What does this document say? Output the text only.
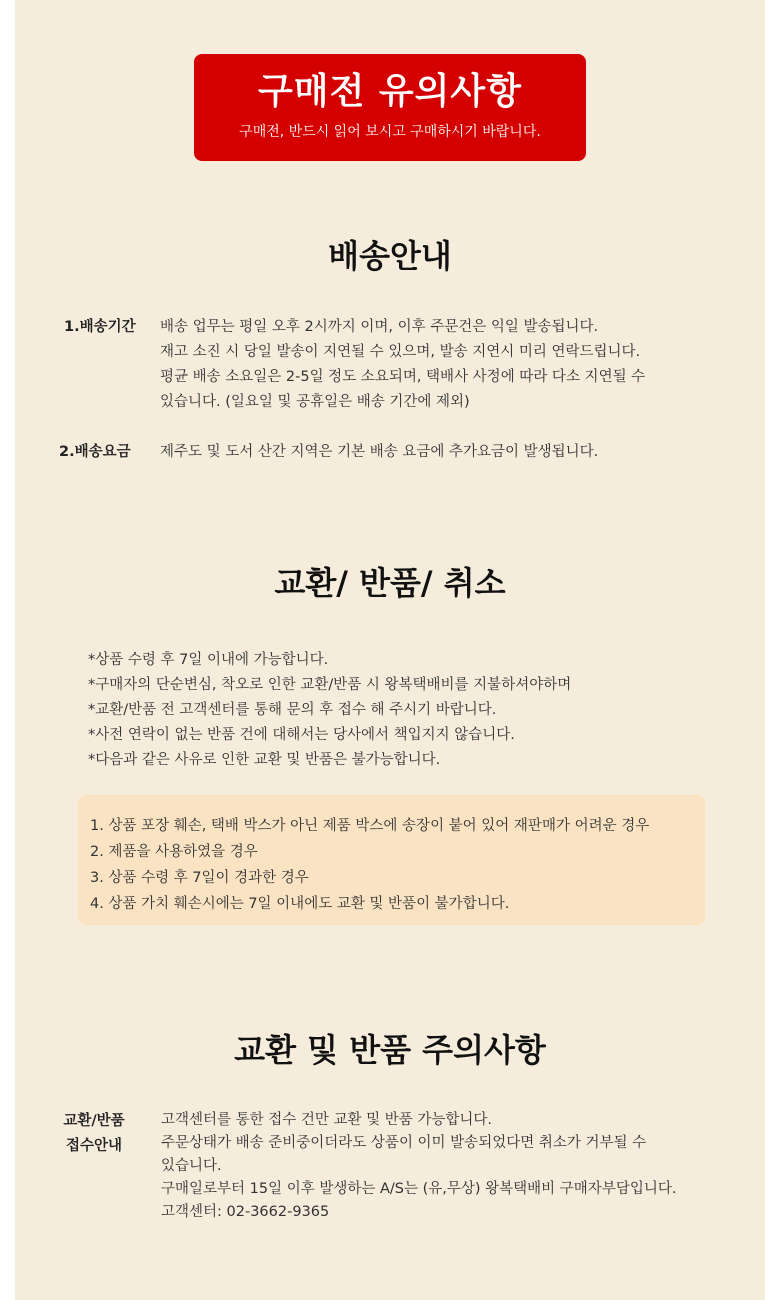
구매전 유의사항
구매전, 반드시 읽어 보시고 구매하시기 바랍니다.
배송안내
1.배송기간 배송 업무는 평일 오후 2시까지 이며, 이후 주문건은 익일 발송됩니다.
재고 소진 시 당일 발송이 지연될 수 있으며, 발송 지연시 미리 연락드립니다.
평균 배송 소요일은 2-5일 정도 소요되며, 택배사 사정에 따라 다소 지연될 수
있습니다. (일요일 및 공휴일은 배송 기간에 제외)
2.배송요금 제주도 및 도서 산간 지역은 기본 배송 요금에 추가요금이 발생됩니다.
교환/ 반품/ 취소
*상품 수령 후 7일 이내에 가능합니다.
*구매자의 단순변심, 착오로 인한 교환/반품 시 왕복택배비를 지불하셔야하며
*교환/반품 전 고객센터를 통해 문의 후 접수 해 주시기 바랍니다.
*사전 연락이 없는 반품 건에 대해서는 당사에서 책입지지 않습니다.
*다음과 같은 사유로 인한 교환 및 반품은 불가능합니다.
1. 상품 포장 훼손, 택배 박스가 아닌 제품 박스에 송장이 붙어 있어 재판매가 어려운 경우
2. 제품을 사용하였을 경우
3. 상품 수령 후 7일이 경과한 경우
4. 상품 가치 훼손시에는 7일 이내에도 교환 및 반품이 불가합니다.
교환 및 반품 주의사항
교환/반품
접수안내
고객센터를 통한 접수 건만 교환 및 반품 가능합니다.
주문상태가 배송 준비중이더라도 상품이 이미 발송되었다면 취소가 거부될 수
있습니다.
구매일로부터 15일 이후 발생하는 A/S는 (유,무상) 왕복택배비 구매자부담입니다.
고객센터: 02-3662-9365
